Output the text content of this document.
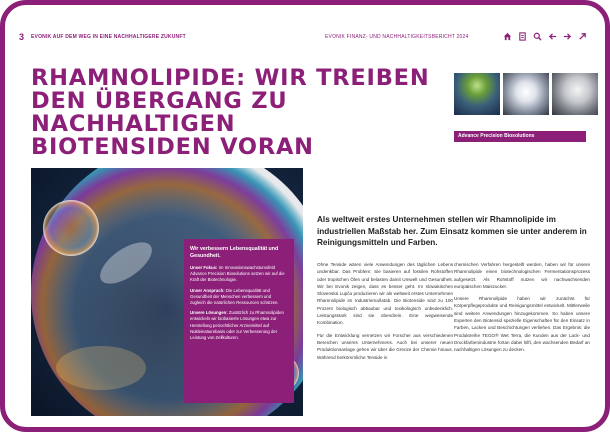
3 EVONIK AUF DEM WEG IN EINE NACHHALTIGERE ZUKUNFT	EVONIK FINANZ- UND NACHHALTIGKEITSBERICHT 2024
RHAMNOLIPIDE: WIR TREIBEN
DEN ÜBERGANG ZU NACHHALTIGEN
BIOTENSIDEN VORAN	Advance Precision Biosolutions
Wir verbessern Lebensqualität und Gesundheit.
Unser Fokus: Im Innovationswachstumsfeld Advance Precision Biosolutions setzen wir auf die Kraft der Biotechnologie.
Unser Anspruch: Die Lebensqualität und Gesundheit der Menschen verbessern und zugleich die natürlichen Ressourcen schützen.
Unsere Lösungen: Zusätzlich zu Rhamnolipiden entwickeln wir biobasierte Lösungen etwa zur Herstellung periochtlicher Arzneimittel auf Nukleinsäurebasis oder zur Verbesserung der Leistung von Zellkulturen.

Als weltweit erstes Unternehmen stellen wir Rhamnolipide im industriellen Maßstab her. Zum Einsatz kommen sie unter anderem in Reinigungsmitteln und Farben.

Ohne Tenside wären viele Anwendungen des täglichen Lebens undenkbar. Das Problem: Sie basieren auf fossilen Rohstoffen oder tropischen Ölen und belasten damit Umwelt und Gesundheit. Wir bei Evonik zeigen, dass es besser geht. Im slowakischen Slovenská Lupča produzieren wir als weltweit erstes Unternehmen Rhamnolipide im Industriemaßstab. Die Biotenside sind zu 100 Prozent biologisch abbaubar und toxikologisch unbedenklich. Leistungsstark sind sie obendrein. Eine wegweisende Kombination.

Für die Entwicklung vernetzen wir Forscher aus verschiedenen Bereichen unseres Unternehmens. Auch bei unserer neuen Produktionsanlage gehen wir über die Grenze der Chemie hinaus. Während herkömmliche Tenside in

chemischen Verfahren hergestellt werden, haben wir für unsere Rhamnolipide einen biotechnologischen Fermentationsprozess aufgesetzt. Als Rohstoff nutzen wir nachwachsenden europäischen Maiszucker.

Unsere Rhamnolipide haben wir zunächst für Körperpflegeprodukte und Reinigungsmittel entwickelt. Mittlerweile sind weitere Anwendungen hinzugekommen. So haben unsere Experten den Biotensid spezielle Eigenschaften für den Einsatz in Farben, Lacken und Beschichtungen verliehen. Das Ergebnis: die Produktreihe TEGO® Wet Terra, die Kunden aus der Lack- und Druckfarbenindustrie fortan dabei hilft, den wachsenden Bedarf an nachhaltigen Lösungen zu decken.
